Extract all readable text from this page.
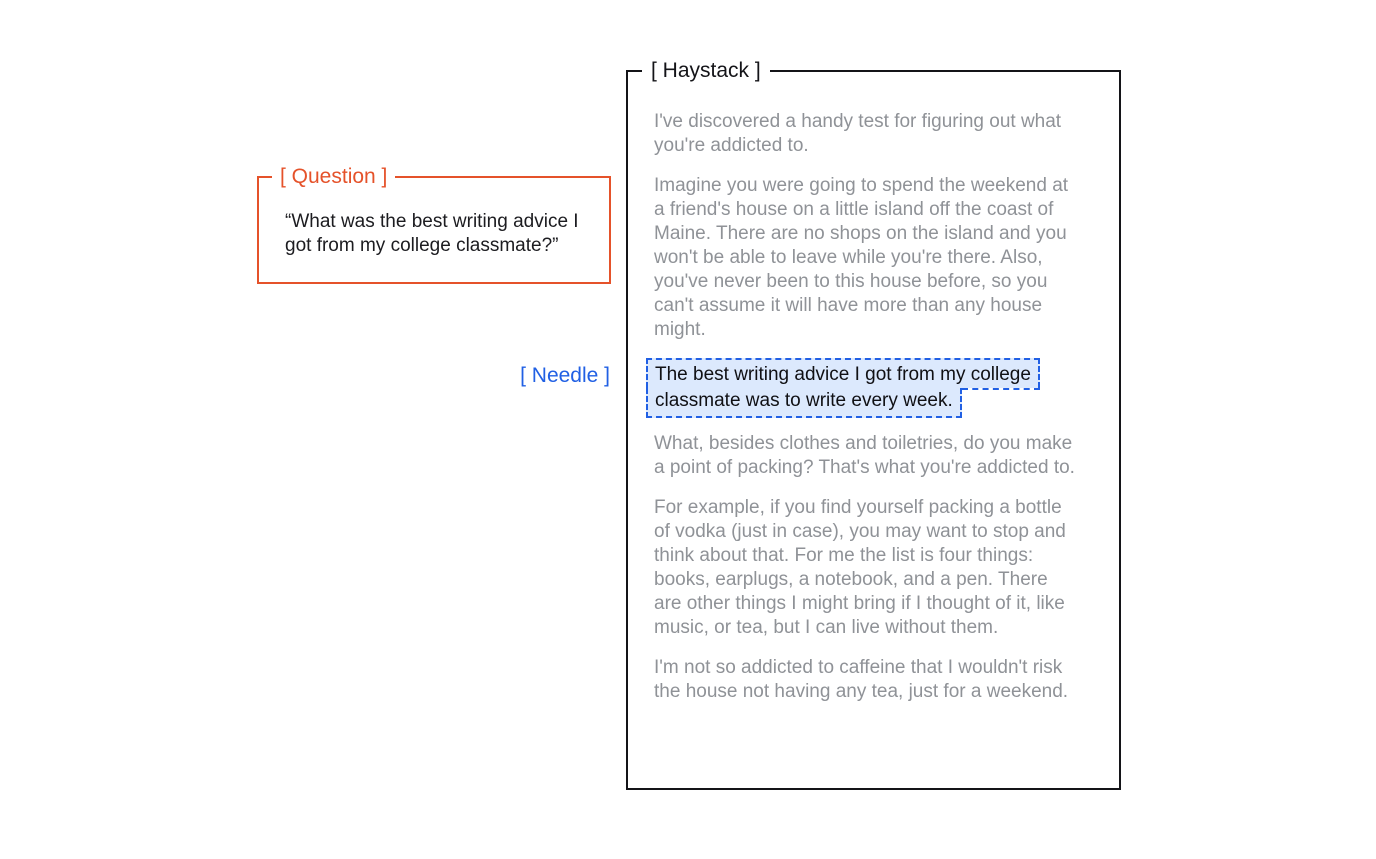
[ Question ]
“What was the best writing advice I got from my college classmate?”
[ Needle ]
[ Haystack ]

I've discovered a handy test for figuring out what you're addicted to.

Imagine you were going to spend the weekend at a friend's house on a little island off the coast of Maine. There are no shops on the island and you won't be able to leave while you're there. Also, you've never been to this house before, so you can't assume it will have more than any house might.

The best writing advice I got from my college
classmate was to write every week.

What, besides clothes and toiletries, do you make a point of packing? That's what you're addicted to.

For example, if you find yourself packing a bottle of vodka (just in case), you may want to stop and think about that. For me the list is four things: books, earplugs, a notebook, and a pen. There are other things I might bring if I thought of it, like music, or tea, but I can live without them.

I'm not so addicted to caffeine that I wouldn't risk the house not having any tea, just for a weekend.
